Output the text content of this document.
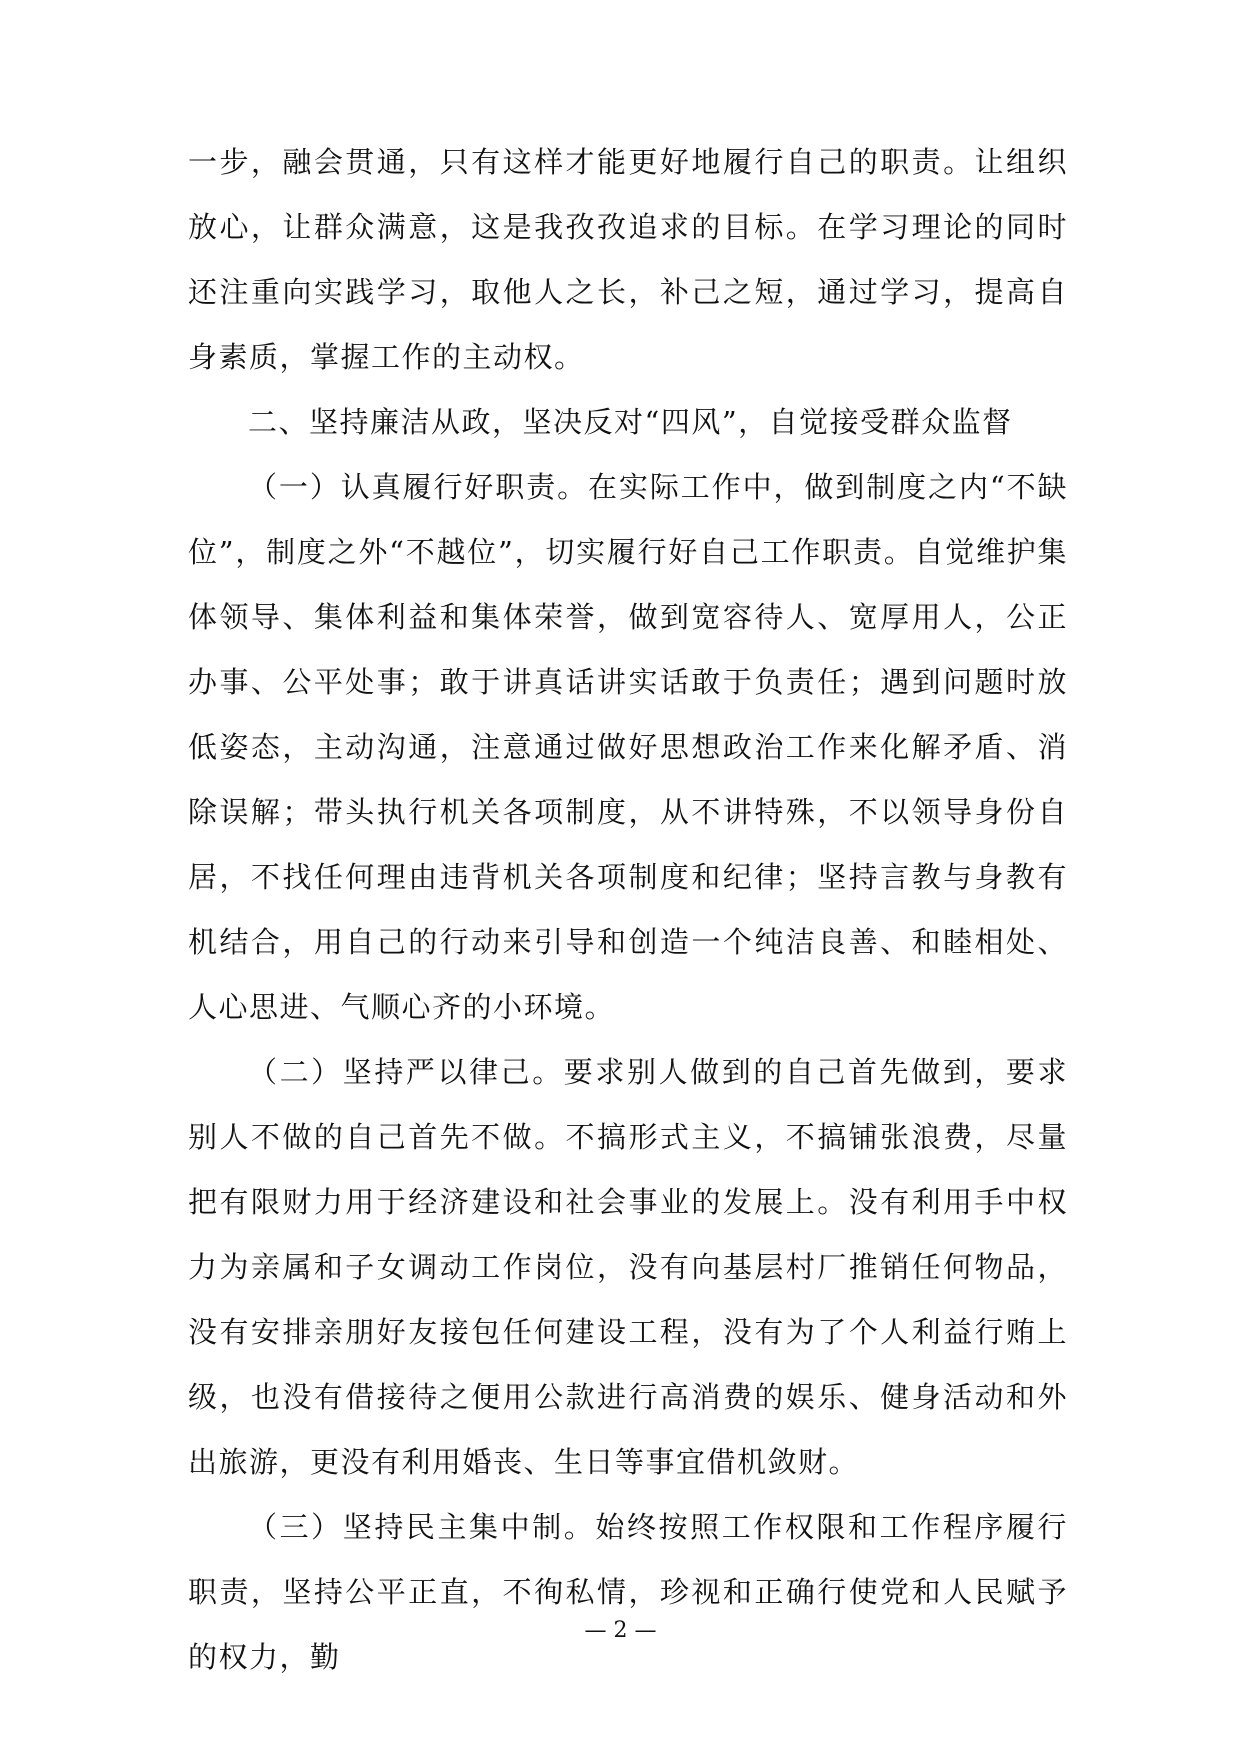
一步，融会贯通，只有这样才能更好地履行自己的职责。让组织放心，让群众满意，这是我孜孜追求的目标。在学习理论的同时还注重向实践学习，取他人之长，补己之短，通过学习，提高自身素质，掌握工作的主动权。

二、坚持廉洁从政，坚决反对“四风”，自觉接受群众监督

（一）认真履行好职责。在实际工作中，做到制度之内“不缺位”，制度之外“不越位”，切实履行好自己工作职责。自觉维护集体领导、集体利益和集体荣誉，做到宽容待人、宽厚用人，公正办事、公平处事；敢于讲真话讲实话敢于负责任；遇到问题时放低姿态，主动沟通，注意通过做好思想政治工作来化解矛盾、消除误解；带头执行机关各项制度，从不讲特殊，不以领导身份自居，不找任何理由违背机关各项制度和纪律；坚持言教与身教有机结合，用自己的行动来引导和创造一个纯洁良善、和睦相处、人心思进、气顺心齐的小环境。

（二）坚持严以律己。要求别人做到的自己首先做到，要求别人不做的自己首先不做。不搞形式主义，不搞铺张浪费，尽量把有限财力用于经济建设和社会事业的发展上。没有利用手中权力为亲属和子女调动工作岗位，没有向基层村厂推销任何物品，没有安排亲朋好友接包任何建设工程，没有为了个人利益行贿上级，也没有借接待之便用公款进行高消费的娱乐、健身活动和外出旅游，更没有利用婚丧、生日等事宜借机敛财。

（三）坚持民主集中制。始终按照工作权限和工作程序履行职责，坚持公平正直，不徇私情，珍视和正确行使党和人民赋予的权力，勤

— 2 —
